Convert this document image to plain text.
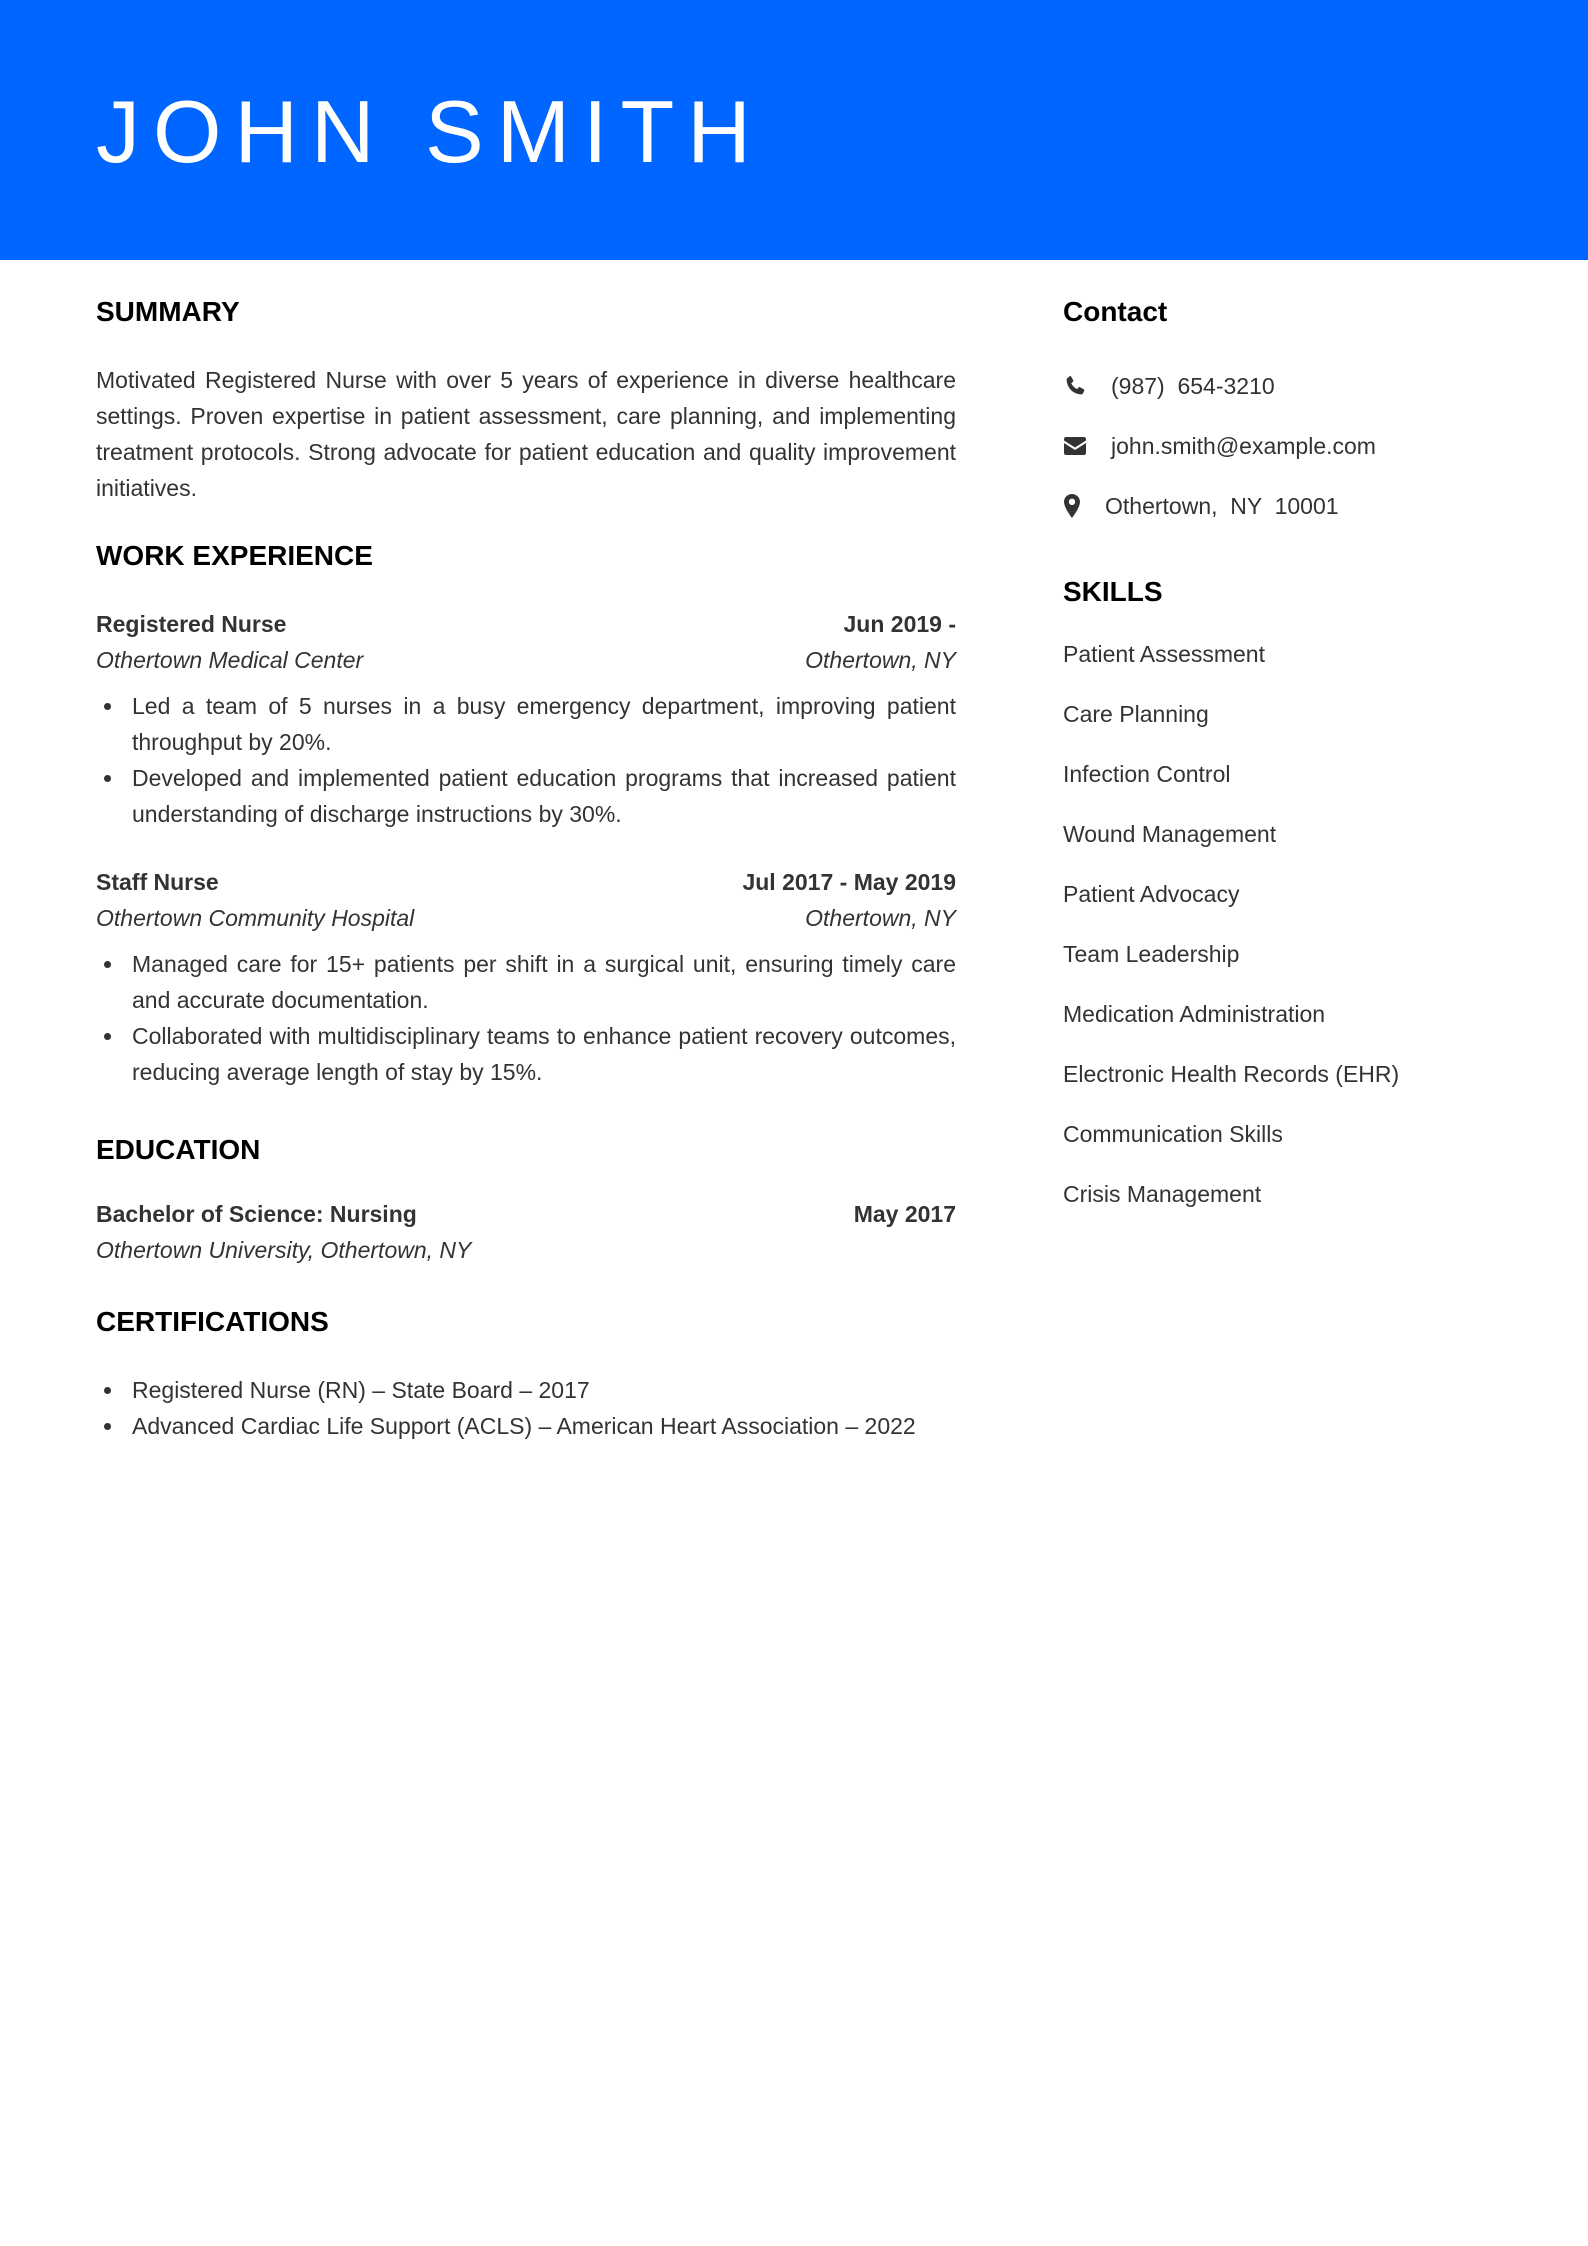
JOHN SMITH
SUMMARY

Motivated Registered Nurse with over 5 years of experience in diverse healthcare settings. Proven expertise in patient assessment, care planning, and implementing treatment protocols. Strong advocate for patient education and quality improvement initiatives.

WORK EXPERIENCE
Registered Nurse	Jun 2019 -
Othertown Medical Center	Othertown, NY
Led a team of 5 nurses in a busy emergency department, improving patient throughput by 20%.
Developed and implemented patient education programs that increased patient understanding of discharge instructions by 30%.
Staff Nurse	Jul 2017 - May 2019
Othertown Community Hospital	Othertown, NY
Managed care for 15+ patients per shift in a surgical unit, ensuring timely care and accurate documentation.
Collaborated with multidisciplinary teams to enhance patient recovery outcomes, reducing average length of stay by 15%.
EDUCATION
Bachelor of Science: Nursing	May 2017
Othertown University, Othertown, NY
CERTIFICATIONS
Registered Nurse (RN) – State Board – 2017
Advanced Cardiac Life Support (ACLS) – American Heart Association – 2022
Contact
(987)  654-3210
john.smith@example.com
Othertown,  NY  10001
SKILLS
Patient Assessment
Care Planning
Infection Control
Wound Management
Patient Advocacy
Team Leadership
Medication Administration
Electronic Health Records (EHR)
Communication Skills
Crisis Management
